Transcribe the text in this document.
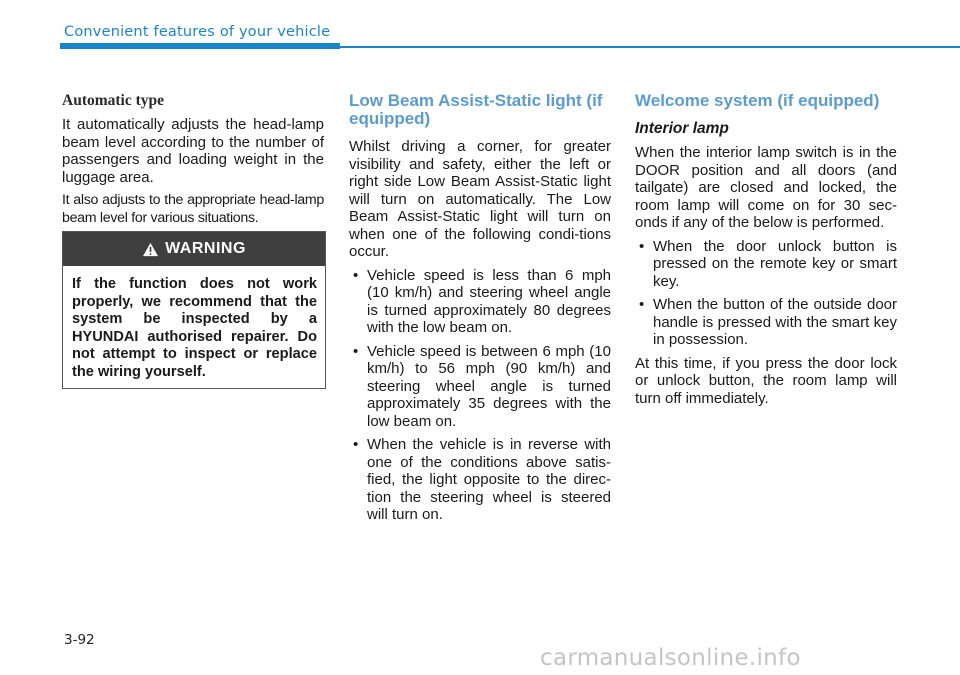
Convenient features of your vehicle
Automatic type

It automatically adjusts the head-lamp beam level according to the number of passengers and loading weight in the luggage area.

It also adjusts to the appropriate head-lamp beam level for various situations.

WARNING
If the function does not work properly, we recommend that the system be inspected by a HYUNDAI authorised repairer. Do not attempt to inspect or replace the wiring yourself.
Low Beam Assist-Static light (if equipped)

Whilst driving a corner, for greater visibility and safety, either the left or right side Low Beam Assist-Static light will turn on automatically. The Low Beam Assist-Static light will turn on when one of the following condi-tions occur.

• Vehicle speed is less than 6 mph (10 km/h) and steering wheel angle is turned approximately 80 degrees with the low beam on.
• Vehicle speed is between 6 mph (10 km/h) to 56 mph (90 km/h) and steering wheel angle is turned approximately 35 degrees with the low beam on.
• When the vehicle is in reverse with one of the conditions above satis-fied, the light opposite to the direc-tion the steering wheel is steered will turn on.
Welcome system (if equipped)
Interior lamp

When the interior lamp switch is in the DOOR position and all doors (and tailgate) are closed and locked, the room lamp will come on for 30 sec-onds if any of the below is performed.

• When the door unlock button is pressed on the remote key or smart key.
• When the button of the outside door handle is pressed with the smart key in possession.

At this time, if you press the door lock or unlock button, the room lamp will turn off immediately.

3-92
carmanualsonline.info
